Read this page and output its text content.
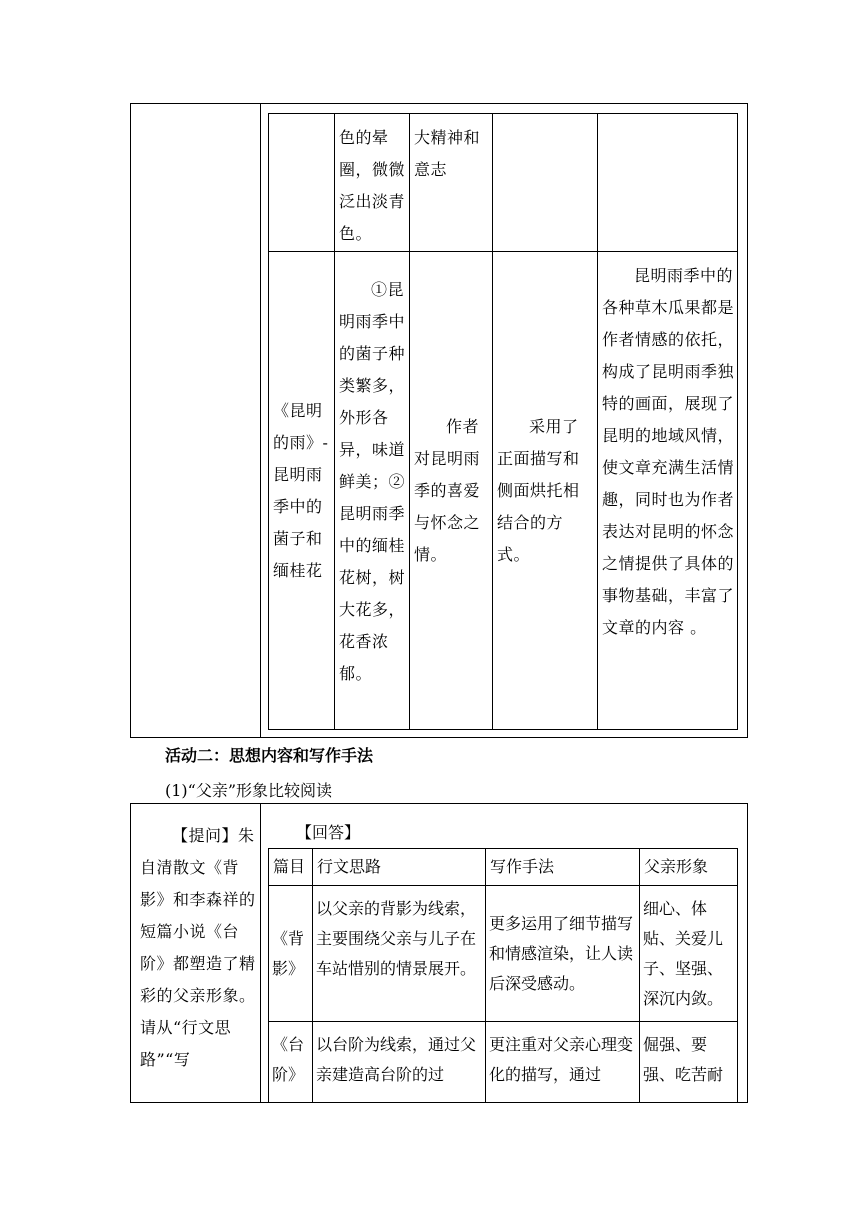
色的晕圈，微微泛出淡青色。

大精神和意志

《昆明的雨》-昆明雨季中的菌子和缅桂花

①昆明雨季中的菌子种类繁多，外形各异，味道鲜美；②昆明雨季中的缅桂花树，树大花多，花香浓郁。

作者对昆明雨季的喜爱与怀念之情。

采用了正面描写和侧面烘托相结合的方式。

昆明雨季中的各种草木瓜果都是作者情感的依托，构成了昆明雨季独特的画面，展现了昆明的地域风情，使文章充满生活情趣，同时也为作者表达对昆明的怀念之情提供了具体的事物基础，丰富了文章的内容 。

活动二：思想内容和写作手法
(1)“父亲”形象比较阅读

【提问】朱自清散文《背影》和李森祥的短篇小说《台阶》都塑造了精彩的父亲形象。请从“行文思路”“写

【回答】
篇目 行文思路	写作手法	父亲形象

《背影》

以父亲的背影为线索，主要围绕父亲与儿子在车站惜别的情景展开。

更多运用了细节描写和情感渲染，让人读后深受感动。

细心、体贴、关爱儿子、坚强、深沉内敛。

《台阶》

以台阶为线索，通过父亲建造高台阶的过

更注重对父亲心理变化的描写，通过

倔强、要强、吃苦耐
